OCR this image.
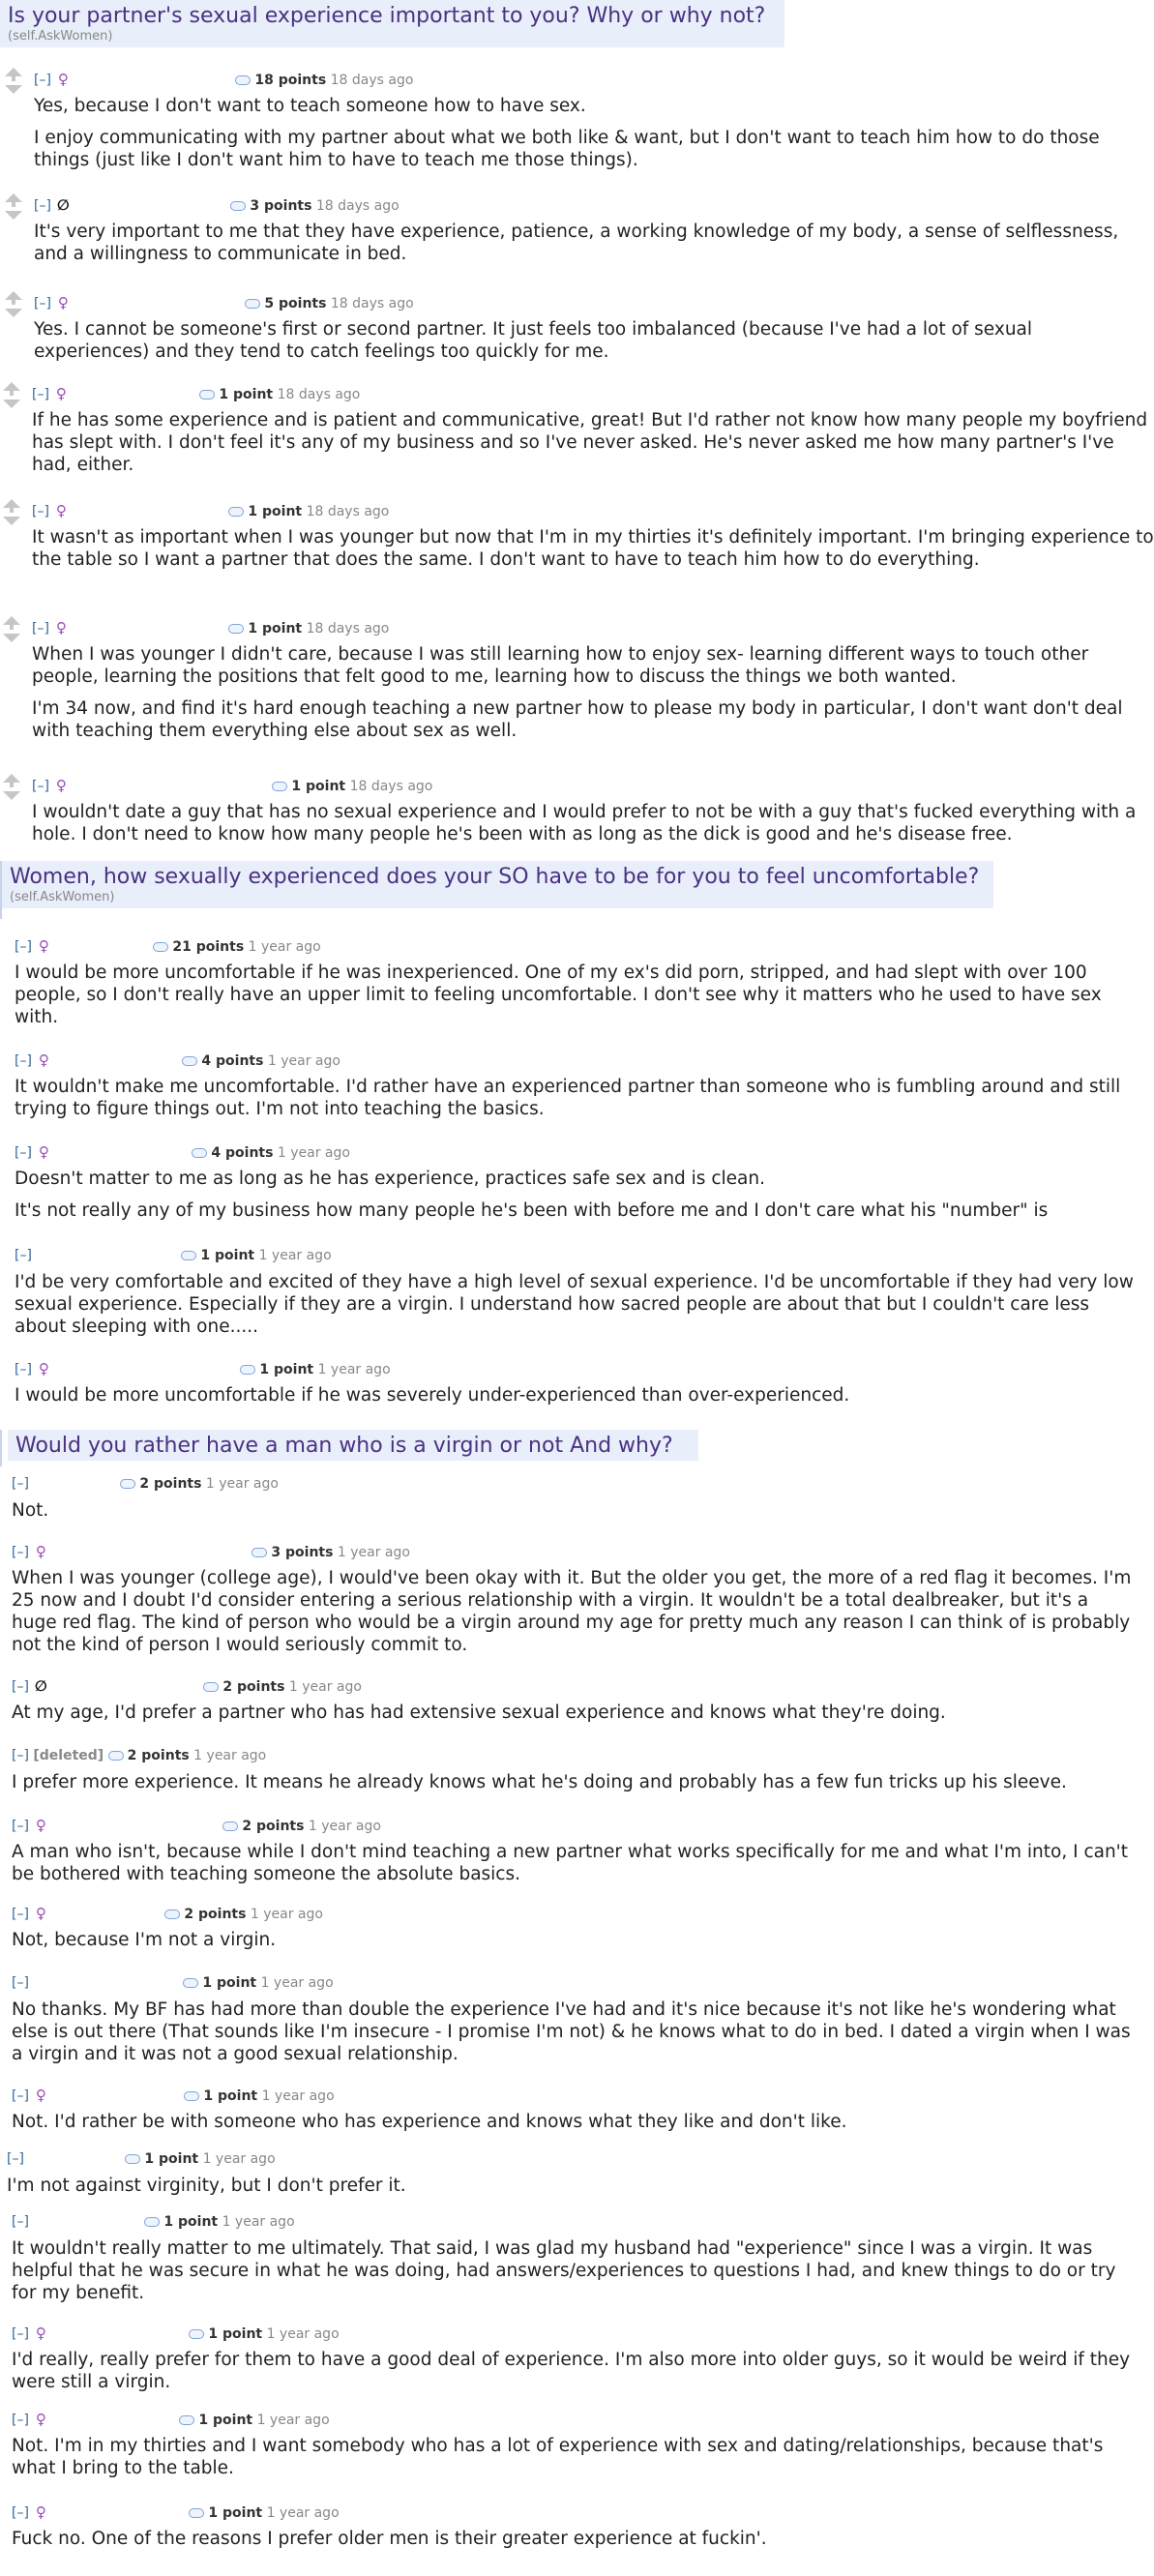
Is your partner's sexual experience important to you? Why or why not?
(self.AskWomen)
[–] ♀	18 points 18 days ago

Yes, because I don't want to teach someone how to have sex.

I enjoy communicating with my partner about what we both like & want, but I don't want to teach him how to do those things (just like I don't want him to have to teach me those things).

[–] ∅	3 points 18 days ago

It's very important to me that they have experience, patience, a working knowledge of my body, a sense of selflessness, and a willingness to communicate in bed.

[–] ♀	5 points 18 days ago

Yes. I cannot be someone's first or second partner. It just feels too imbalanced (because I've had a lot of sexual experiences) and they tend to catch feelings too quickly for me.

[–] ♀	1 point 18 days ago

If he has some experience and is patient and communicative, great! But I'd rather not know how many people my boyfriend has slept with. I don't feel it's any of my business and so I've never asked. He's never asked me how many partner's I've had, either.

[–] ♀	1 point 18 days ago

It wasn't as important when I was younger but now that I'm in my thirties it's definitely important. I'm bringing experience to the table so I want a partner that does the same. I don't want to have to teach him how to do everything.

[–] ♀	1 point 18 days ago

When I was younger I didn't care, because I was still learning how to enjoy sex- learning different ways to touch other people, learning the positions that felt good to me, learning how to discuss the things we both wanted.

I'm 34 now, and find it's hard enough teaching a new partner how to please my body in particular, I don't want don't deal with teaching them everything else about sex as well.

[–] ♀	1 point 18 days ago

I wouldn't date a guy that has no sexual experience and I would prefer to not be with a guy that's fucked everything with a hole. I don't need to know how many people he's been with as long as the dick is good and he's disease free.

Women, how sexually experienced does your SO have to be for you to feel uncomfortable?
(self.AskWomen)
[–] ♀	21 points 1 year ago

I would be more uncomfortable if he was inexperienced. One of my ex's did porn, stripped, and had slept with over 100 people, so I don't really have an upper limit to feeling uncomfortable. I don't see why it matters who he used to have sex with.

[–] ♀	4 points 1 year ago

It wouldn't make me uncomfortable. I'd rather have an experienced partner than someone who is fumbling around and still trying to figure things out. I'm not into teaching the basics.

[–] ♀	4 points 1 year ago

Doesn't matter to me as long as he has experience, practices safe sex and is clean.

It's not really any of my business how many people he's been with before me and I don't care what his "number" is

[–]	1 point 1 year ago

I'd be very comfortable and excited of they have a high level of sexual experience. I'd be uncomfortable if they had very low sexual experience. Especially if they are a virgin. I understand how sacred people are about that but I couldn't care less about sleeping with one.....

[–] ♀	1 point 1 year ago

I would be more uncomfortable if he was severely under-experienced than over-experienced.

Would you rather have a man who is a virgin or not And why?
[–]	2 points 1 year ago

Not.

[–] ♀	3 points 1 year ago

When I was younger (college age), I would've been okay with it. But the older you get, the more of a red flag it becomes. I'm 25 now and I doubt I'd consider entering a serious relationship with a virgin. It wouldn't be a total dealbreaker, but it's a huge red flag. The kind of person who would be a virgin around my age for pretty much any reason I can think of is probably not the kind of person I would seriously commit to.

[–] ∅	2 points 1 year ago

At my age, I'd prefer a partner who has had extensive sexual experience and knows what they're doing.

[–] [deleted] 2 points 1 year ago

I prefer more experience. It means he already knows what he's doing and probably has a few fun tricks up his sleeve.

[–] ♀	2 points 1 year ago

A man who isn't, because while I don't mind teaching a new partner what works specifically for me and what I'm into, I can't be bothered with teaching someone the absolute basics.

[–] ♀	2 points 1 year ago

Not, because I'm not a virgin.

[–]	1 point 1 year ago

No thanks. My BF has had more than double the experience I've had and it's nice because it's not like he's wondering what else is out there (That sounds like I'm insecure - I promise I'm not) & he knows what to do in bed. I dated a virgin when I was a virgin and it was not a good sexual relationship.

[–] ♀	1 point 1 year ago

Not. I'd rather be with someone who has experience and knows what they like and don't like.

[–]	1 point 1 year ago

I'm not against virginity, but I don't prefer it.

[–]	1 point 1 year ago

It wouldn't really matter to me ultimately. That said, I was glad my husband had "experience" since I was a virgin. It was helpful that he was secure in what he was doing, had answers/experiences to questions I had, and knew things to do or try for my benefit.

[–] ♀	1 point 1 year ago

I'd really, really prefer for them to have a good deal of experience. I'm also more into older guys, so it would be weird if they were still a virgin.

[–] ♀	1 point 1 year ago

Not. I'm in my thirties and I want somebody who has a lot of experience with sex and dating/relationships, because that's what I bring to the table.

[–] ♀	1 point 1 year ago

Fuck no. One of the reasons I prefer older men is their greater experience at fuckin'.
